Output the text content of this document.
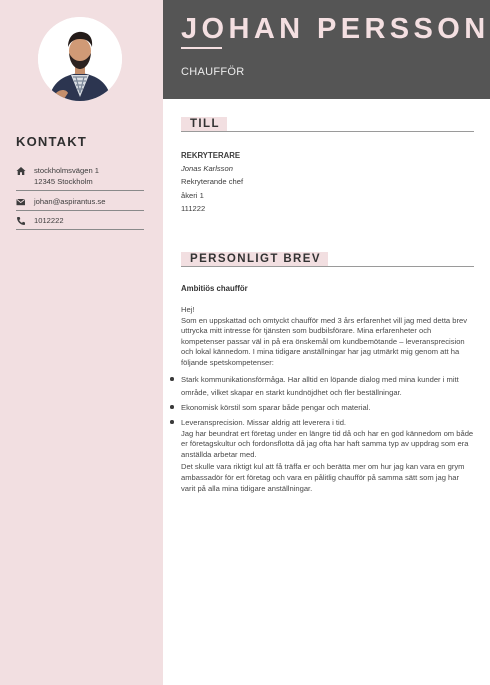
KONTAKT
stockholmsvägen 1
12345 Stockholm
johan@aspirantus.se
1012222
JOHAN PERSSON
CHAUFFÖR
TILL
REKRYTERARE
Jonas Karlsson
Rekryterande chef
åkeri 1
111222
PERSONLIGT BREV
Ambitiös chaufför

Hej!

Som en uppskattad och omtyckt chaufför med 3 års erfarenhet vill jag med detta brev uttrycka mitt intresse för tjänsten som budbilsförare. Mina erfarenheter och kompetenser passar väl in på era önskemål om kundbemötande – leveransprecision och lokal kännedom. I mina tidigare anställningar har jag utmärkt mig genom att ha följande spetskompetenser:

Stark kommunikationsförmåga. Har alltid en löpande dialog med mina kunder i mitt område, vilket skapar en starkt kundnöjdhet och fler beställningar.
Ekonomisk körstil som sparar både pengar och material.
Leveransprecision. Missar aldrig att leverera i tid.

Jag har beundrat ert företag under en längre tid då och har en god kännedom om både er företagskultur och fordonsflotta då jag ofta har haft samma typ av uppdrag som era anställda arbetar med.

Det skulle vara riktigt kul att få träffa er och berätta mer om hur jag kan vara en grym ambassadör för ert företag och vara en pålitlig chaufför på samma sätt som jag har varit på alla mina tidigare anställningar.
